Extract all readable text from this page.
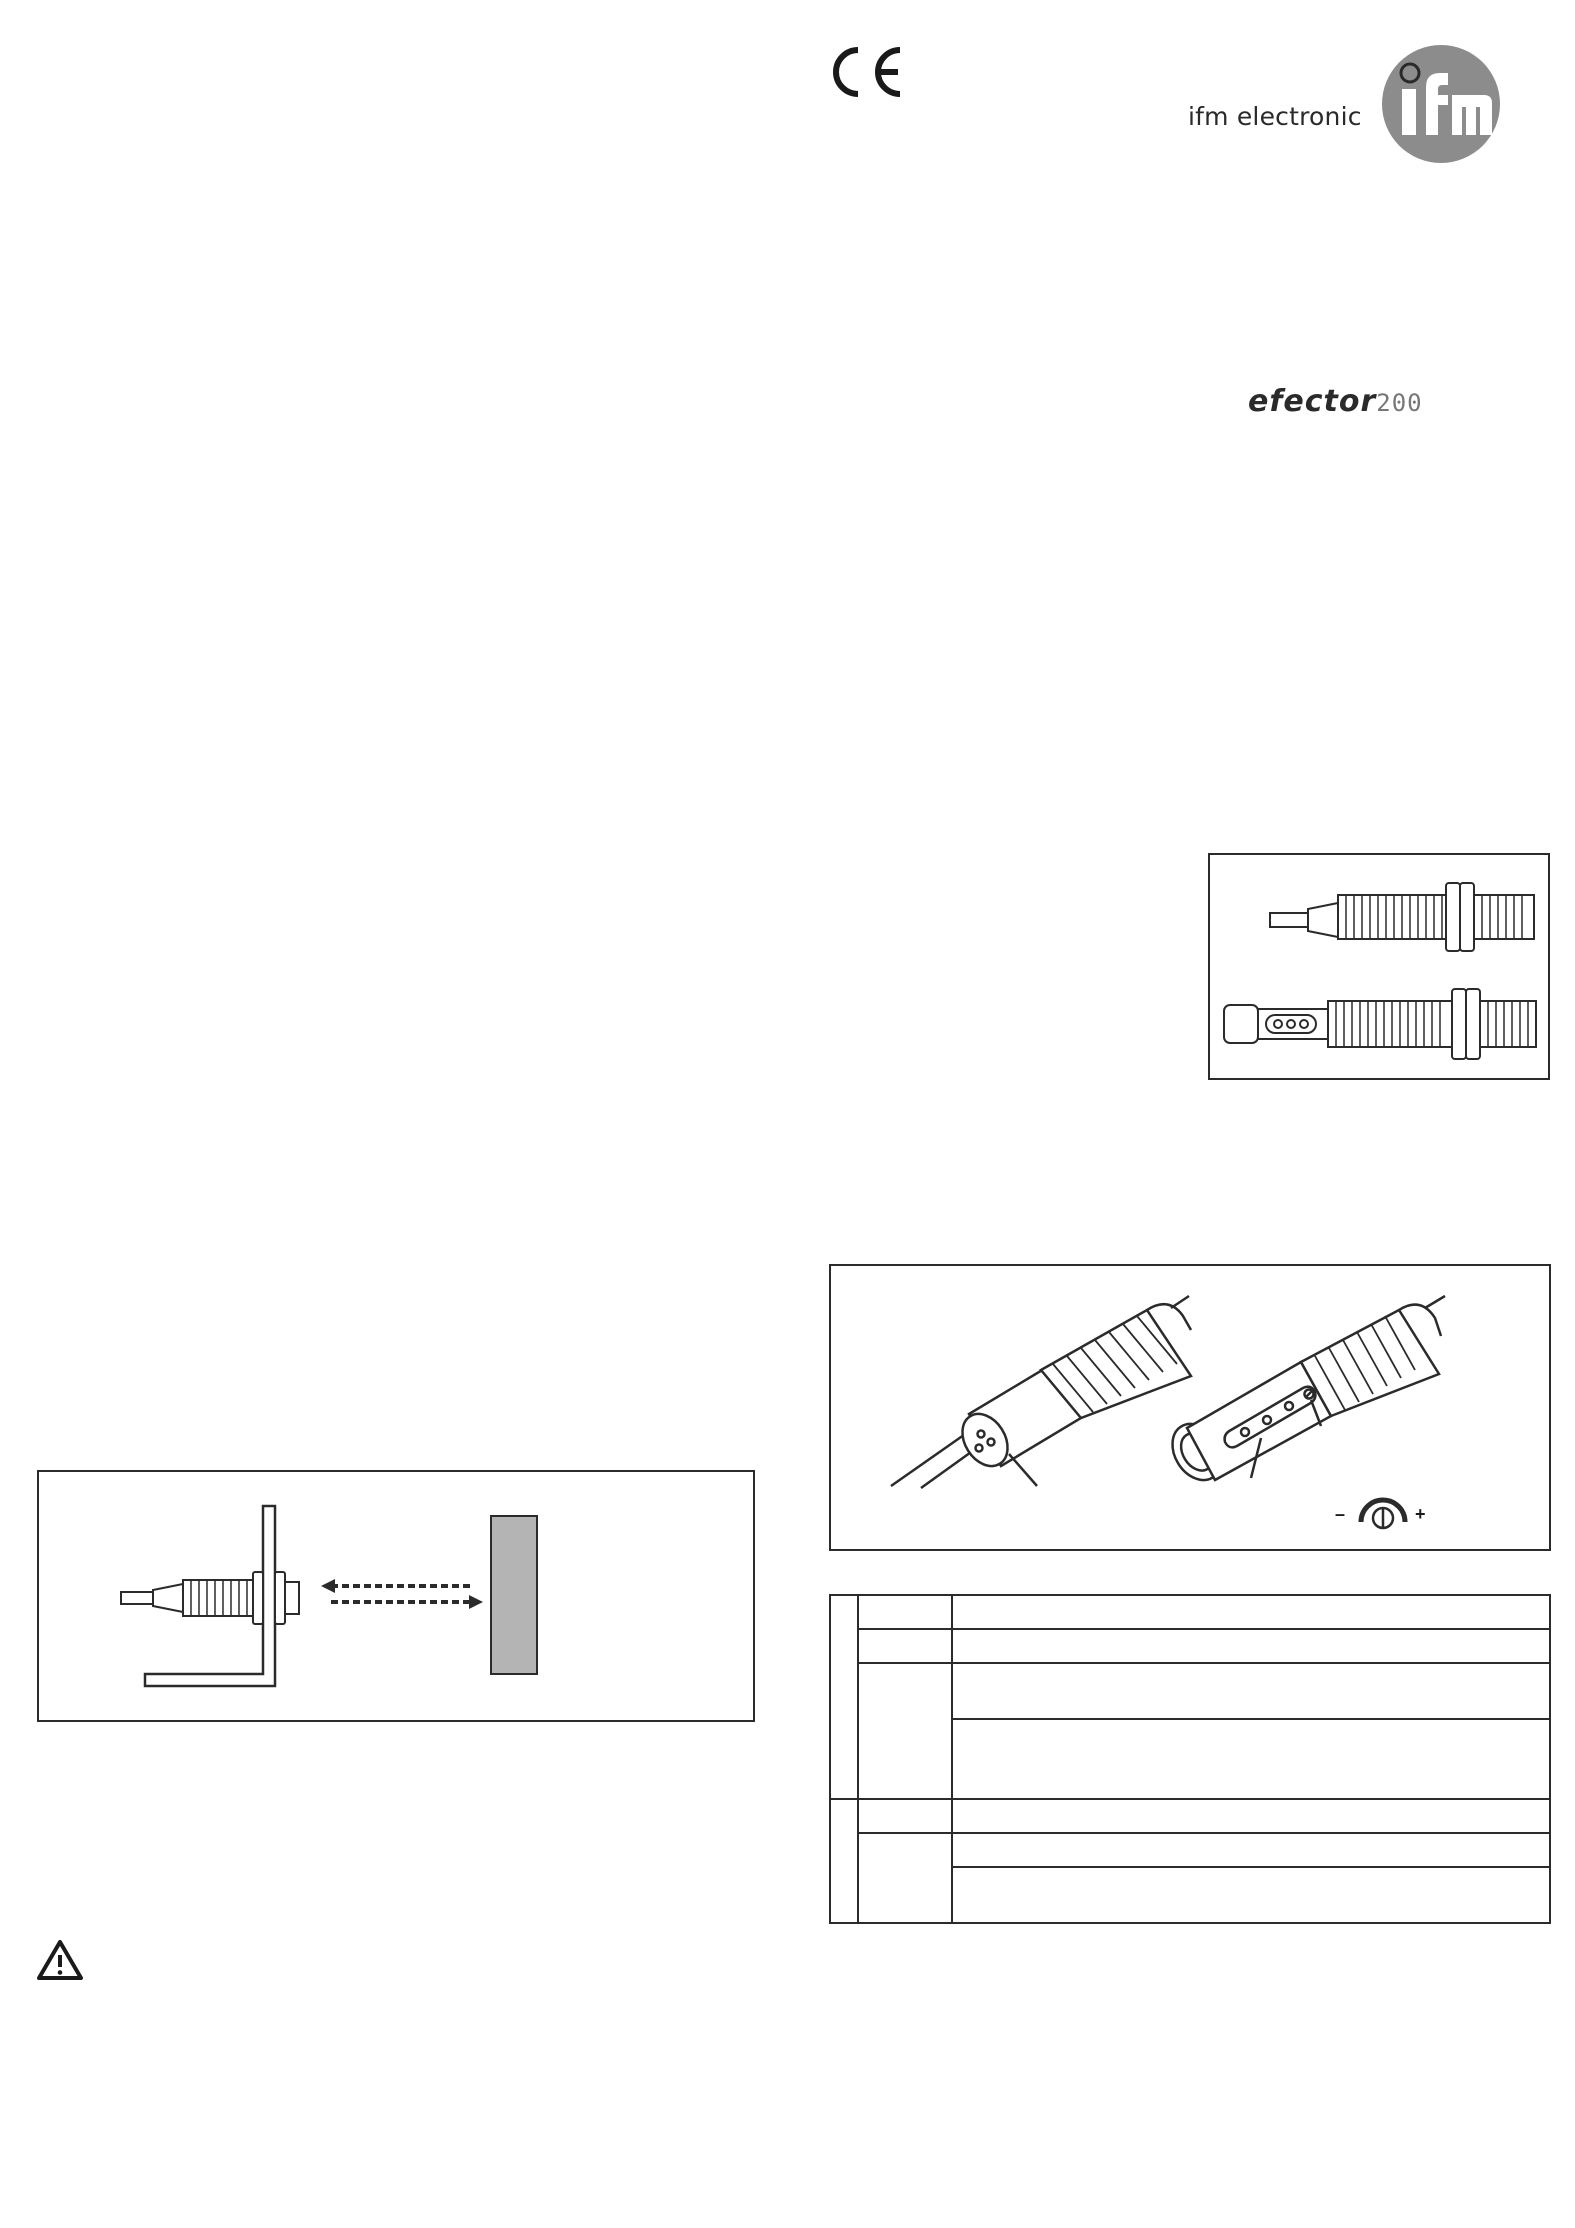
ifm electronic
efector200
–	+
